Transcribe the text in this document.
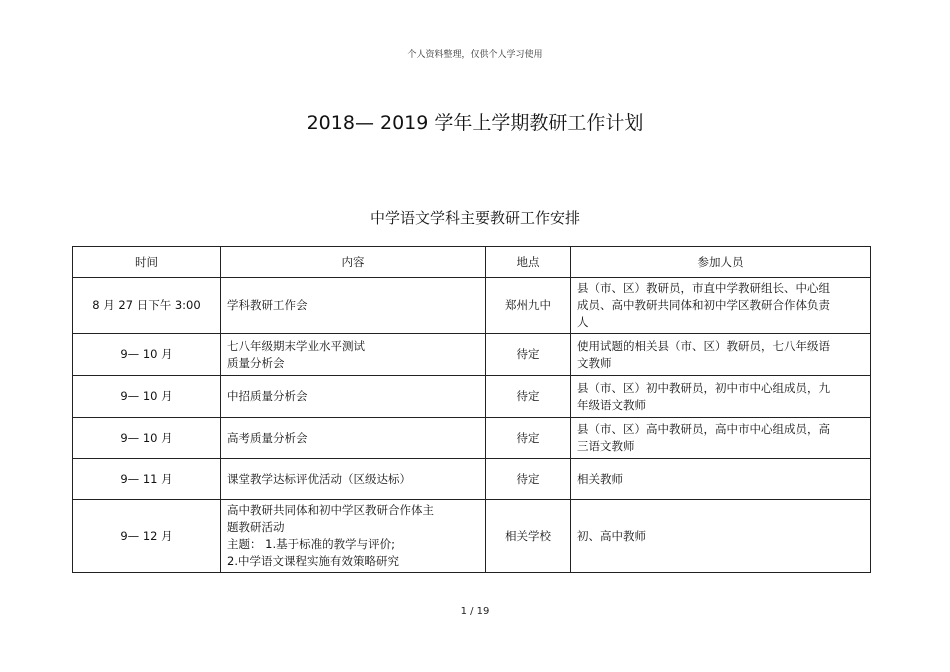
个人资料整理，仅供个人学习使用
2018— 2019 学年上学期教研工作计划
中学语文学科主要教研工作安排
时间	内容	地点	参加人员
8 月 27 日下午 3:00	学科教研工作会	郑州九中	县（市、区）教研员，市直中学教研组长、中心组
成员、高中教研共同体和初中学区教研合作体负责
人

9— 10 月	七八年级期末学业水平测试
质量分析会	待定	使用试题的相关县（市、区）教研员，七八年级语
文教师

9— 10 月	中招质量分析会	待定	县（市、区）初中教研员，初中市中心组成员，九
年级语文教师

9— 10 月	高考质量分析会	待定	县（市、区）高中教研员，高中市中心组成员，高
三语文教师

9— 11 月	课堂教学达标评优活动（区级达标）	待定	相关教师

9— 12 月	高中教研共同体和初中学区教研合作体主
题教研活动
主题： 1.基于标准的教学与评价;
2.中学语文课程实施有效策略研究	相关学校	初、高中教师
1 / 19
